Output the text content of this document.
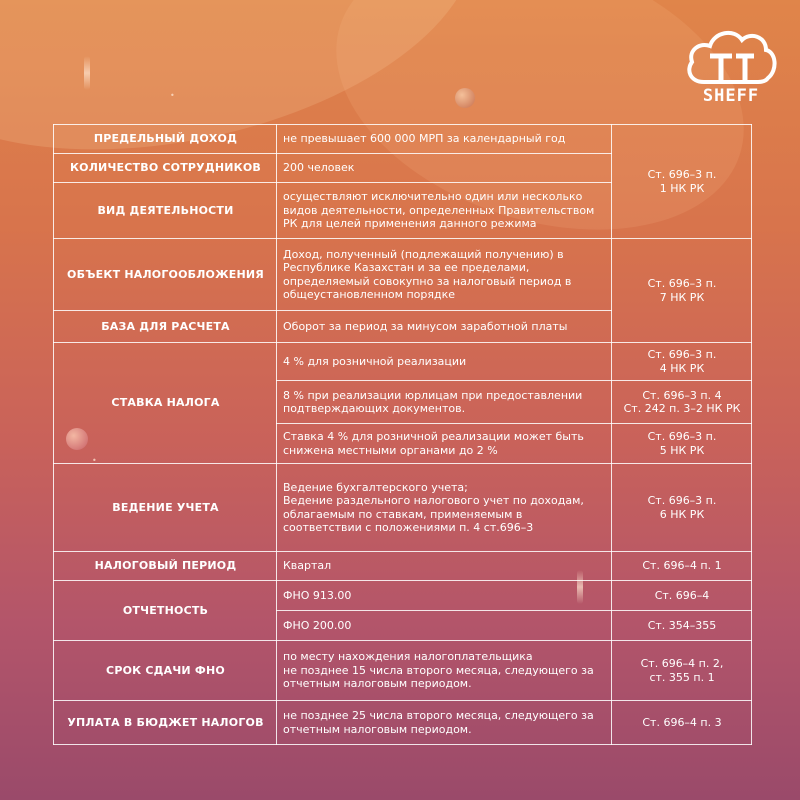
•
•
SHEFF
ПРЕДЕЛЬНЫЙ ДОХОД	не превышает 600 000 МРП за календарный год	Ст. 696–3 п.
1 НК РК
КОЛИЧЕСТВО СОТРУДНИКОВ	200 человек	
ВИД ДЕЯТЕЛЬНОСТИ	осуществляют исключительно один или несколько
видов деятельности, определенных Правительством
РК для целей применения данного режима	
ОБЪЕКТ НАЛОГООБЛОЖЕНИЯ	Доход, полученный (подлежащий получению) в
Республике Казахстан и за ее пределами,
определяемый совокупно за налоговый период в
общеустановленном порядке	Ст. 696–3 п.
7 НК РК
БАЗА ДЛЯ РАСЧЕТА	Оборот за период за минусом заработной платы	
СТАВКА НАЛОГА	4 % для розничной реализации	Ст. 696–3 п.
4 НК РК
	8 % при реализации юрлицам при предоставлении
подтверждающих документов.	Ст. 696–3 п. 4
Ст. 242 п. 3–2 НК РК
	Ставка 4 % для розничной реализации может быть
снижена местными органами до 2 %	Ст. 696–3 п.
5 НК РК
ВЕДЕНИЕ УЧЕТА	Ведение бухгалтерского учета;
Ведение раздельного налогового учет по доходам,
облагаемым по ставкам, применяемым в
соответствии с положениями п. 4 ст.696–3	Ст. 696–3 п.
6 НК РК
НАЛОГОВЫЙ ПЕРИОД	Квартал	Ст. 696–4 п. 1
ОТЧЕТНОСТЬ	ФНО 913.00	Ст. 696–4
	ФНО 200.00	Ст. 354–355
СРОК СДАЧИ ФНО	по месту нахождения налогоплательщика
не позднее 15 числа второго месяца, следующего за
отчетным налоговым периодом.	Ст. 696–4 п. 2,
ст. 355 п. 1
УПЛАТА В БЮДЖЕТ НАЛОГОВ	не позднее 25 числа второго месяца, следующего за
отчетным налоговым периодом.	Ст. 696–4 п. 3
